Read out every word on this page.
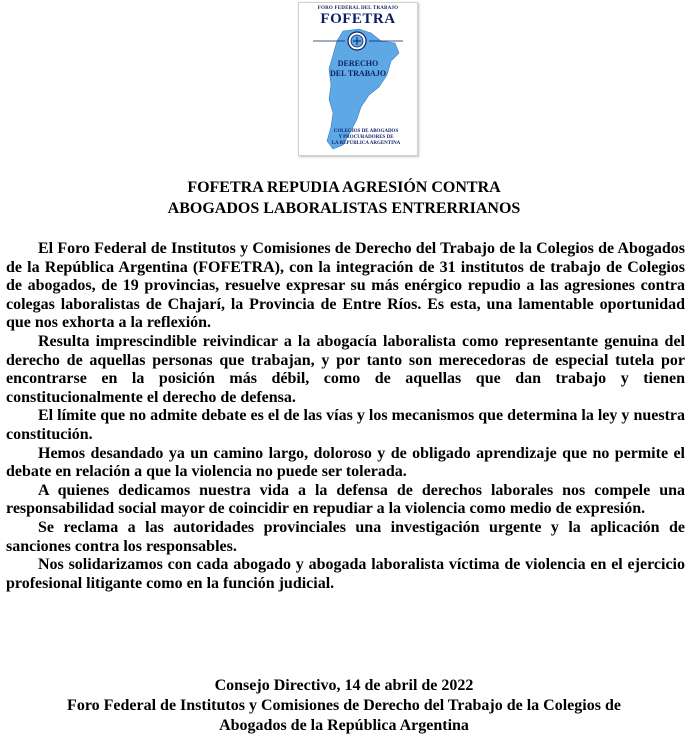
FORO FEDERAL DEL TRABAJO
FOFETRA
DERECHO
DEL TRABAJO
COLEGIOS DE ABOGADOS
Y PROCURADORES DE
LA REPÚBLICA ARGENTINA
FOFETRA REPUDIA AGRESIÓN CONTRA
ABOGADOS LABORALISTAS ENTRERRIANOS

El Foro Federal de Institutos y Comisiones de Derecho del Trabajo de la Colegios de Abogados de la República Argentina (FOFETRA), con la integración de 31 institutos de trabajo de Colegios de abogados, de 19 provincias, resuelve expresar su más enérgico repudio a las agresiones contra colegas laboralistas de Chajarí, la Provincia de Entre Ríos. Es esta, una lamentable oportunidad que nos exhorta a la reflexión.

Resulta imprescindible reivindicar a la abogacía laboralista como representante genuina del derecho de aquellas personas que trabajan, y por tanto son merecedoras de especial tutela por encontrarse en la posición más débil, como de aquellas que dan trabajo y tienen constitucionalmente el derecho de defensa.

El límite que no admite debate es el de las vías y los mecanismos que determina la ley y nuestra constitución.

Hemos desandado ya un camino largo, doloroso y de obligado aprendizaje que no permite el debate en relación a que la violencia no puede ser tolerada.

A quienes dedicamos nuestra vida a la defensa de derechos laborales nos compele una responsabilidad social mayor de coincidir en repudiar a la violencia como medio de expresión.

Se reclama a las autoridades provinciales una investigación urgente y la aplicación de sanciones contra los responsables.

Nos solidarizamos con cada abogado y abogada laboralista víctima de violencia en el ejercicio profesional litigante como en la función judicial.

Consejo Directivo, 14 de abril de 2022
Foro Federal de Institutos y Comisiones de Derecho del Trabajo de la Colegios de
Abogados de la República Argentina
